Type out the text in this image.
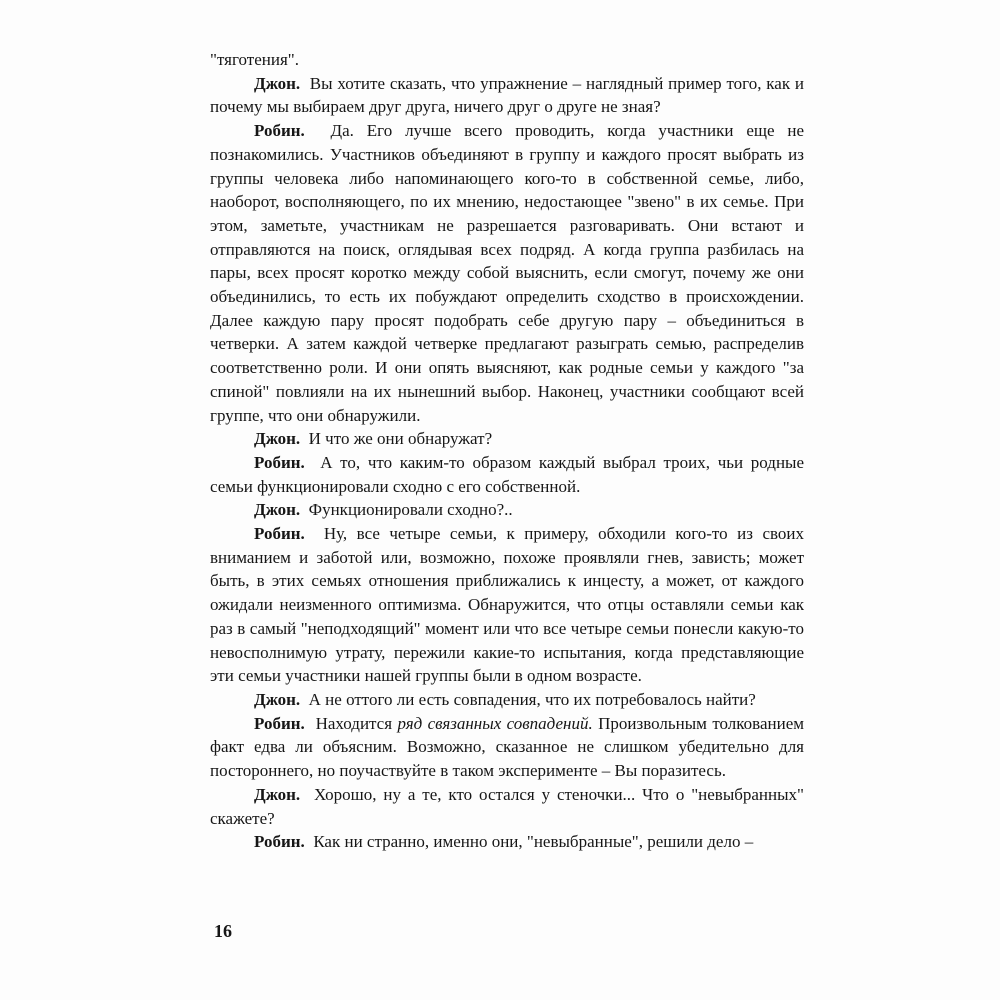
"тяготения".

Джон. Вы хотите сказать, что упражнение – наглядный пример того, как и почему мы выбираем друг друга, ничего друг о друге не зная?

Робин. Да. Его лучше всего проводить, когда участники еще не познакомились. Участников объединяют в группу и каждого просят выбрать из группы человека либо напоминающего кого-то в собственной семье, либо, наоборот, восполняющего, по их мнению, недостающее "звено" в их семье. При этом, заметьте, участникам не разрешается разговаривать. Они встают и отправляются на поиск, оглядывая всех подряд. А когда группа разбилась на пары, всех просят коротко между собой выяснить, если смогут, почему же они объединились, то есть их побуждают определить сходство в происхождении. Далее каждую пару просят подобрать себе другую пару – объединиться в четверки. А затем каждой четверке предлагают разыграть семью, распределив соответственно роли. И они опять выясняют, как родные семьи у каждого "за спиной" повлияли на их нынешний выбор. Наконец, участники сообщают всей группе, что они обнаружили.

Джон. И что же они обнаружат?

Робин. А то, что каким-то образом каждый выбрал троих, чьи родные семьи функционировали сходно с его собственной.

Джон. Функционировали сходно?..

Робин. Ну, все четыре семьи, к примеру, обходили кого-то из своих вниманием и заботой или, возможно, похоже проявляли гнев, зависть; может быть, в этих семьях отношения приближались к инцесту, а может, от каждого ожидали неизменного оптимизма. Обнаружится, что отцы оставляли семьи как раз в самый "неподходящий" момент или что все четыре семьи понесли какую-то невосполнимую утрату, пережили какие-то испытания, когда представляющие эти семьи участники нашей группы были в одном возрасте.

Джон. А не оттого ли есть совпадения, что их потребовалось найти?

Робин. Находится ряд связанных совпадений. Произвольным толкованием факт едва ли объясним. Возможно, сказанное не слишком убедительно для постороннего, но поучаствуйте в таком эксперименте – Вы поразитесь.

Джон. Хорошо, ну а те, кто остался у стеночки... Что о "невыбранных" скажете?

Робин. Как ни странно, именно они, "невыбранные", решили дело –

16
